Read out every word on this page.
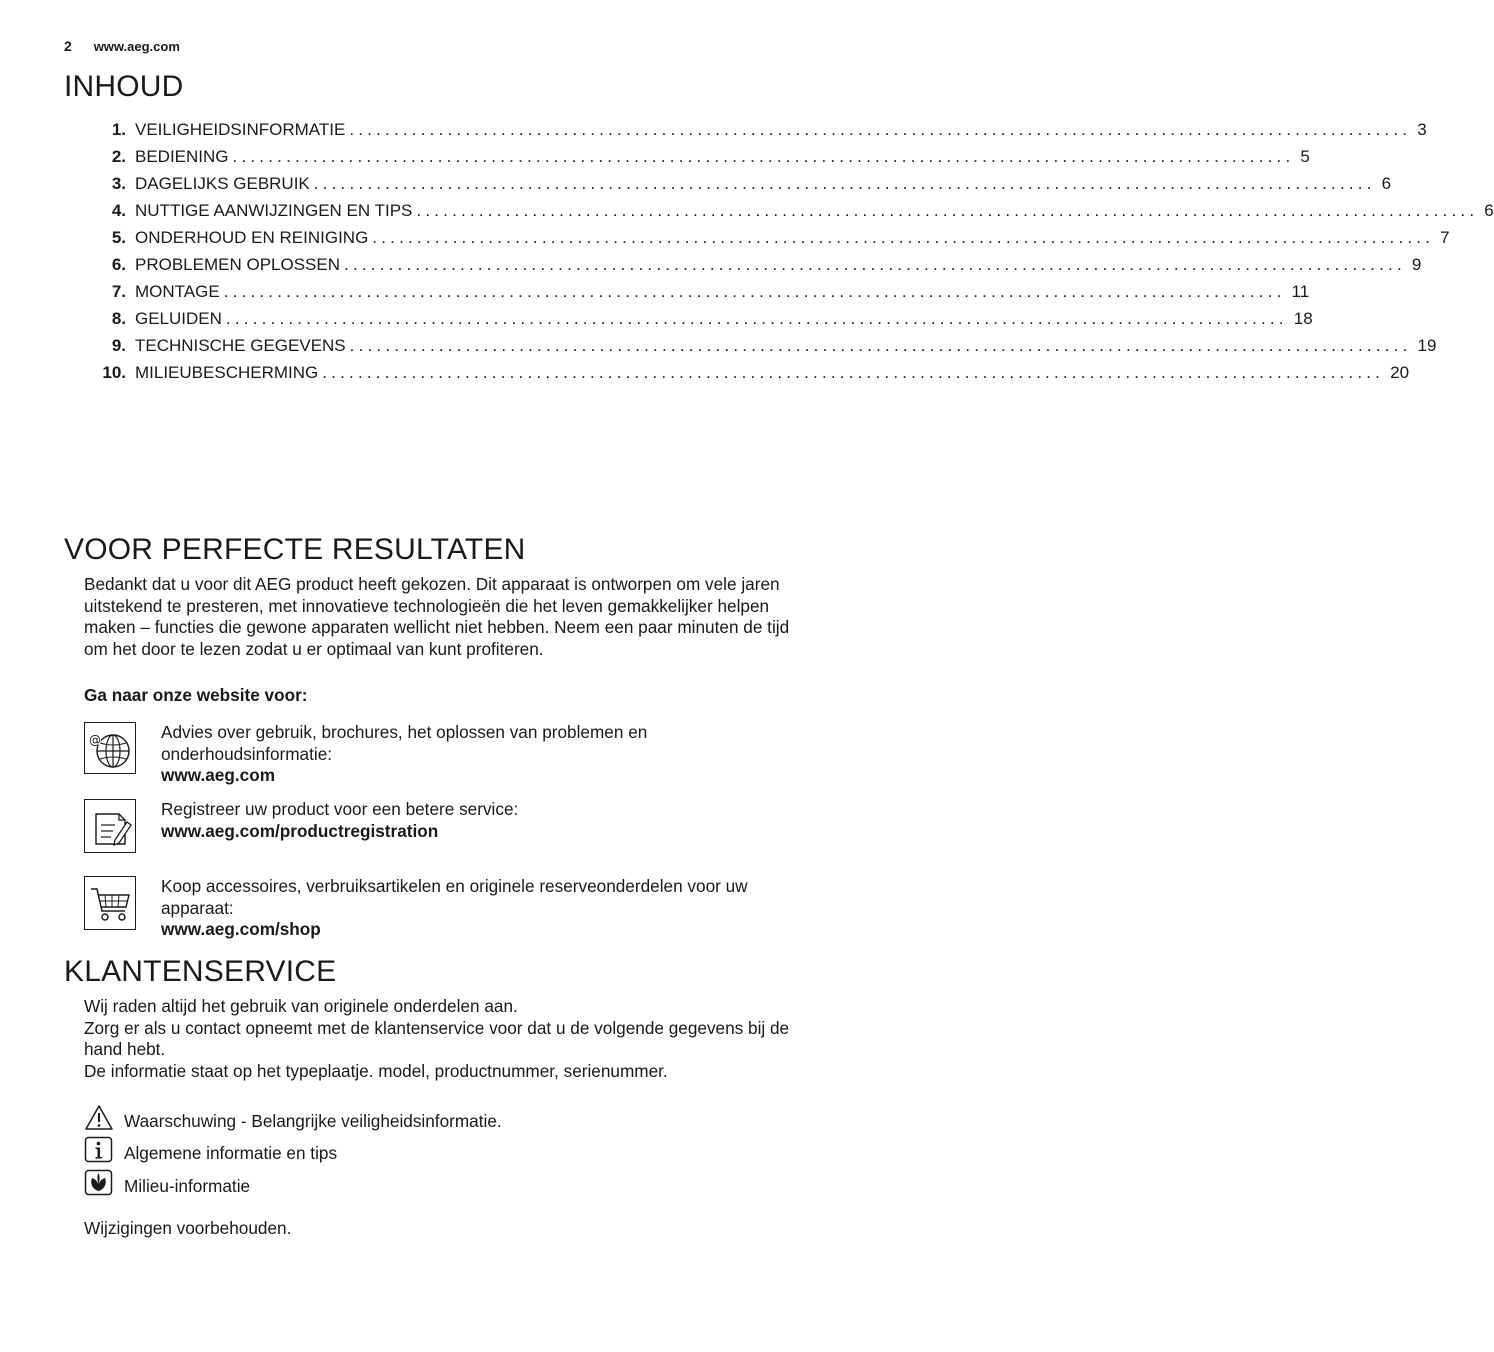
2 www.aeg.com
INHOUD
1. VEILIGHEIDSINFORMATIE ....................................................................................................................... 3
2. BEDIENING ....................................................................................................................... 5
3. DAGELIJKS GEBRUIK ....................................................................................................................... 6
4. NUTTIGE AANWIJZINGEN EN TIPS ....................................................................................................................... 6
5. ONDERHOUD EN REINIGING ....................................................................................................................... 7
6. PROBLEMEN OPLOSSEN ....................................................................................................................... 9
7. MONTAGE ....................................................................................................................... 11
8. GELUIDEN ....................................................................................................................... 18
9. TECHNISCHE GEGEVENS ....................................................................................................................... 19
10. MILIEUBESCHERMING ....................................................................................................................... 20
VOOR PERFECTE RESULTATEN

Bedankt dat u voor dit AEG product heeft gekozen. Dit apparaat is ontworpen om vele jaren
uitstekend te presteren, met innovatieve technologieën die het leven gemakkelijker helpen
maken – functies die gewone apparaten wellicht niet hebben. Neem een paar minuten de tijd
om het door te lezen zodat u er optimaal van kunt profiteren.

Ga naar onze website voor:

@	Advies over gebruik, brochures, het oplossen van problemen en
onderhoudsinformatie:
www.aeg.com
Registreer uw product voor een betere service:
www.aeg.com/productregistration
Koop accessoires, verbruiksartikelen en originele reserveonderdelen voor uw
apparaat:
www.aeg.com/shop
KLANTENSERVICE

Wij raden altijd het gebruik van originele onderdelen aan.
Zorg er als u contact opneemt met de klantenservice voor dat u de volgende gegevens bij de
hand hebt.
De informatie staat op het typeplaatje. model, productnummer, serienummer.

Waarschuwing - Belangrijke veiligheidsinformatie.
Algemene informatie en tips
Milieu-informatie

Wijzigingen voorbehouden.
